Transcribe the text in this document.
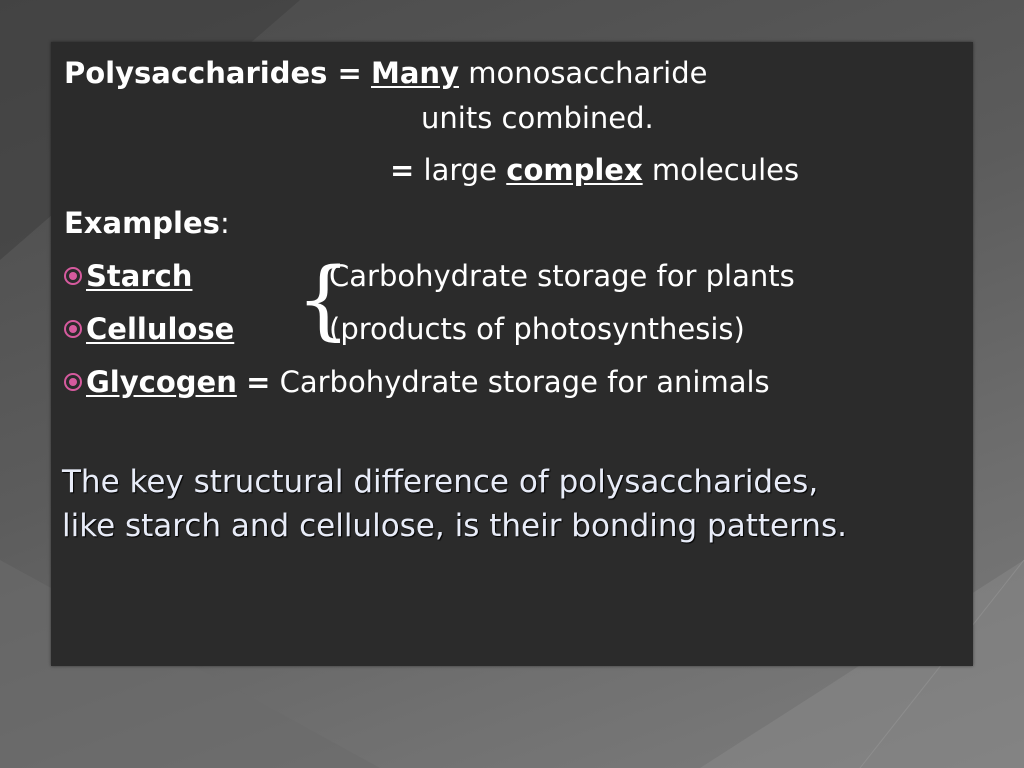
Polysaccharides = Many monosaccharide
units combined.
= large complex molecules
Examples:
Starch	Carbohydrate storage for plants
Cellulose	(products of photosynthesis)
{
Glycogen = Carbohydrate storage for animals
The key structural difference of polysaccharides,
like starch and cellulose, is their bonding patterns.
